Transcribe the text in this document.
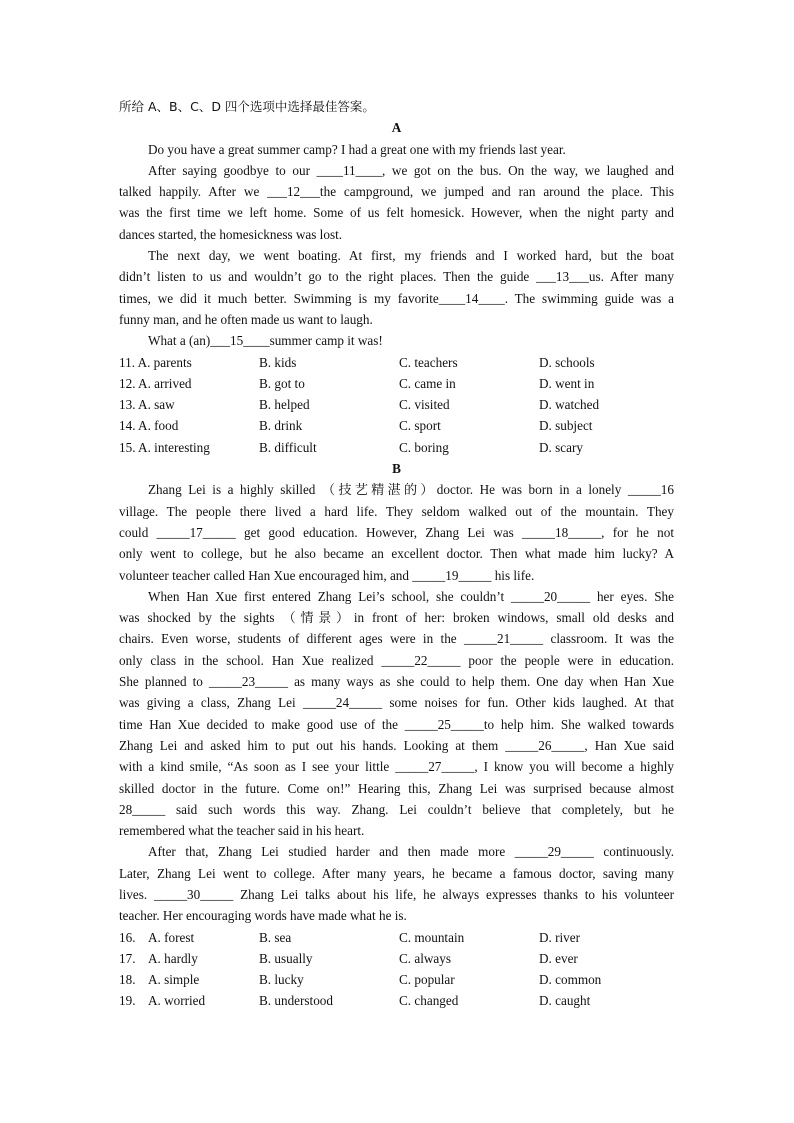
所给 A、B、C、D 四个选项中选择最佳答案。
A
Do you have a great summer camp? I had a great one with my friends last year.
After saying goodbye to our ____11____, we got on the bus. On the way, we laughed and
talked happily. After we ___12___the campground, we jumped and ran around the place. This
was the first time we left home. Some of us felt homesick. However, when the night party and
dances started, the homesickness was lost.
The next day, we went boating. At first, my friends and I worked hard, but the boat
didn’t listen to us and wouldn’t go to the right places. Then the guide ___13___us. After many
times, we did it much better. Swimming is my favorite____14____. The swimming guide was a
funny man, and he often made us want to laugh.
What a (an)___15____summer camp it was!
11. A. parents	B. kids	C. teachers	D. schools
12. A. arrived	B. got to	C. came in	D. went in
13. A. saw	B. helped	C. visited	D. watched
14. A. food	B. drink	C. sport	D. subject
15. A. interesting	B. difficult	C. boring	D. scary
B
Zhang Lei is a highly skilled （技艺精湛的）doctor. He was born in a lonely _____16
village. The people there lived a hard life. They seldom walked out of the mountain. They
could _____17_____ get good education. However, Zhang Lei was _____18_____, for he not
only went to college, but he also became an excellent doctor. Then what made him lucky? A
volunteer teacher called Han Xue encouraged him, and _____19_____ his life.
When Han Xue first entered Zhang Lei’s school, she couldn’t _____20_____ her eyes. She
was shocked by the sights （情景）in front of her: broken windows, small old desks and
chairs. Even worse, students of different ages were in the _____21_____ classroom. It was the
only class in the school. Han Xue realized _____22_____ poor the people were in education.
She planned to _____23_____ as many ways as she could to help them. One day when Han Xue
was giving a class, Zhang Lei _____24_____ some noises for fun. Other kids laughed. At that
time Han Xue decided to make good use of the _____25_____to help him. She walked towards
Zhang Lei and asked him to put out his hands. Looking at them _____26_____, Han Xue said
with a kind smile, “As soon as I see your little _____27_____, I know you will become a highly
skilled doctor in the future. Come on!” Hearing this, Zhang Lei was surprised because almost
28_____ said such words this way. Zhang. Lei couldn’t believe that completely, but he
remembered what the teacher said in his heart.
After that, Zhang Lei studied harder and then made more _____29_____ continuously.
Later, Zhang Lei went to college. After many years, he became a famous doctor, saving many
lives. _____30_____ Zhang Lei talks about his life, he always expresses thanks to his volunteer
teacher. Her encouraging words have made what he is.
16. A. forest	B. sea	C. mountain	D. river
17. A. hardly	B. usually	C. always	D. ever
18. A. simple	B. lucky	C. popular	D. common
19. A. worried	B. understood	C. changed	D. caught
